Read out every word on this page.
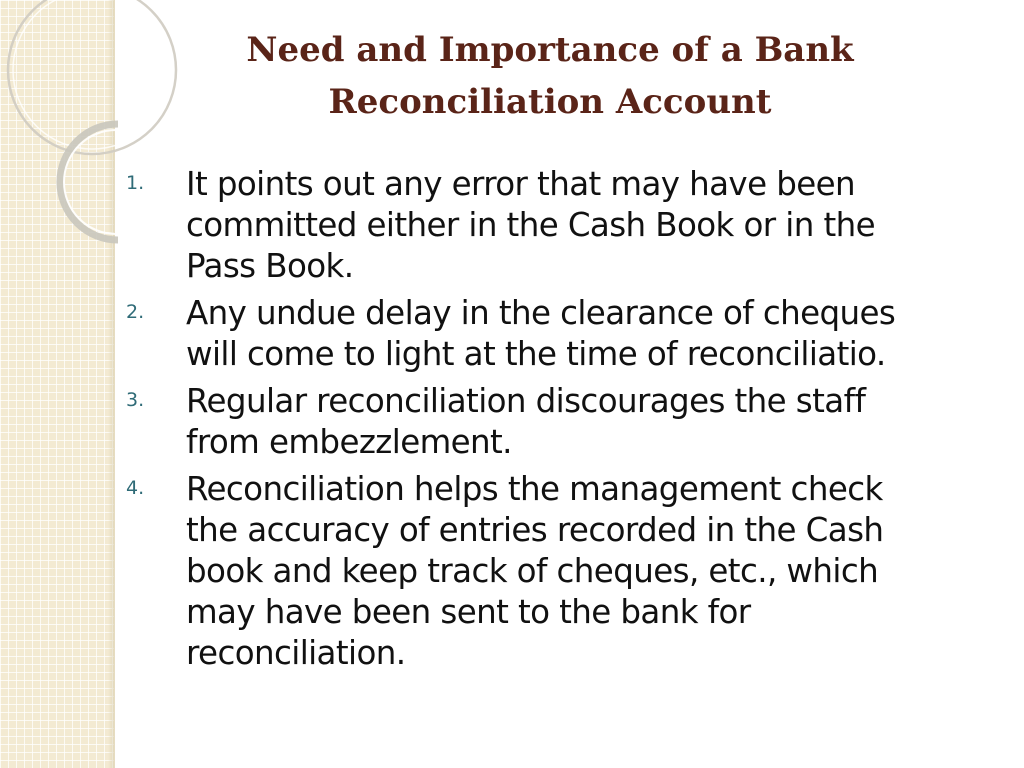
Need and Importance of a Bank
Reconciliation Account
1. It points out any error that may have been
committed either in the Cash Book or in the
Pass Book.
2. Any undue delay in the clearance of cheques
will come to light at the time of reconciliatio.
3. Regular reconciliation discourages the staff
from embezzlement.
4. Reconciliation helps the management check
the accuracy of entries recorded in the Cash
book and keep track of cheques, etc., which
may have been sent to the bank for
reconciliation.
